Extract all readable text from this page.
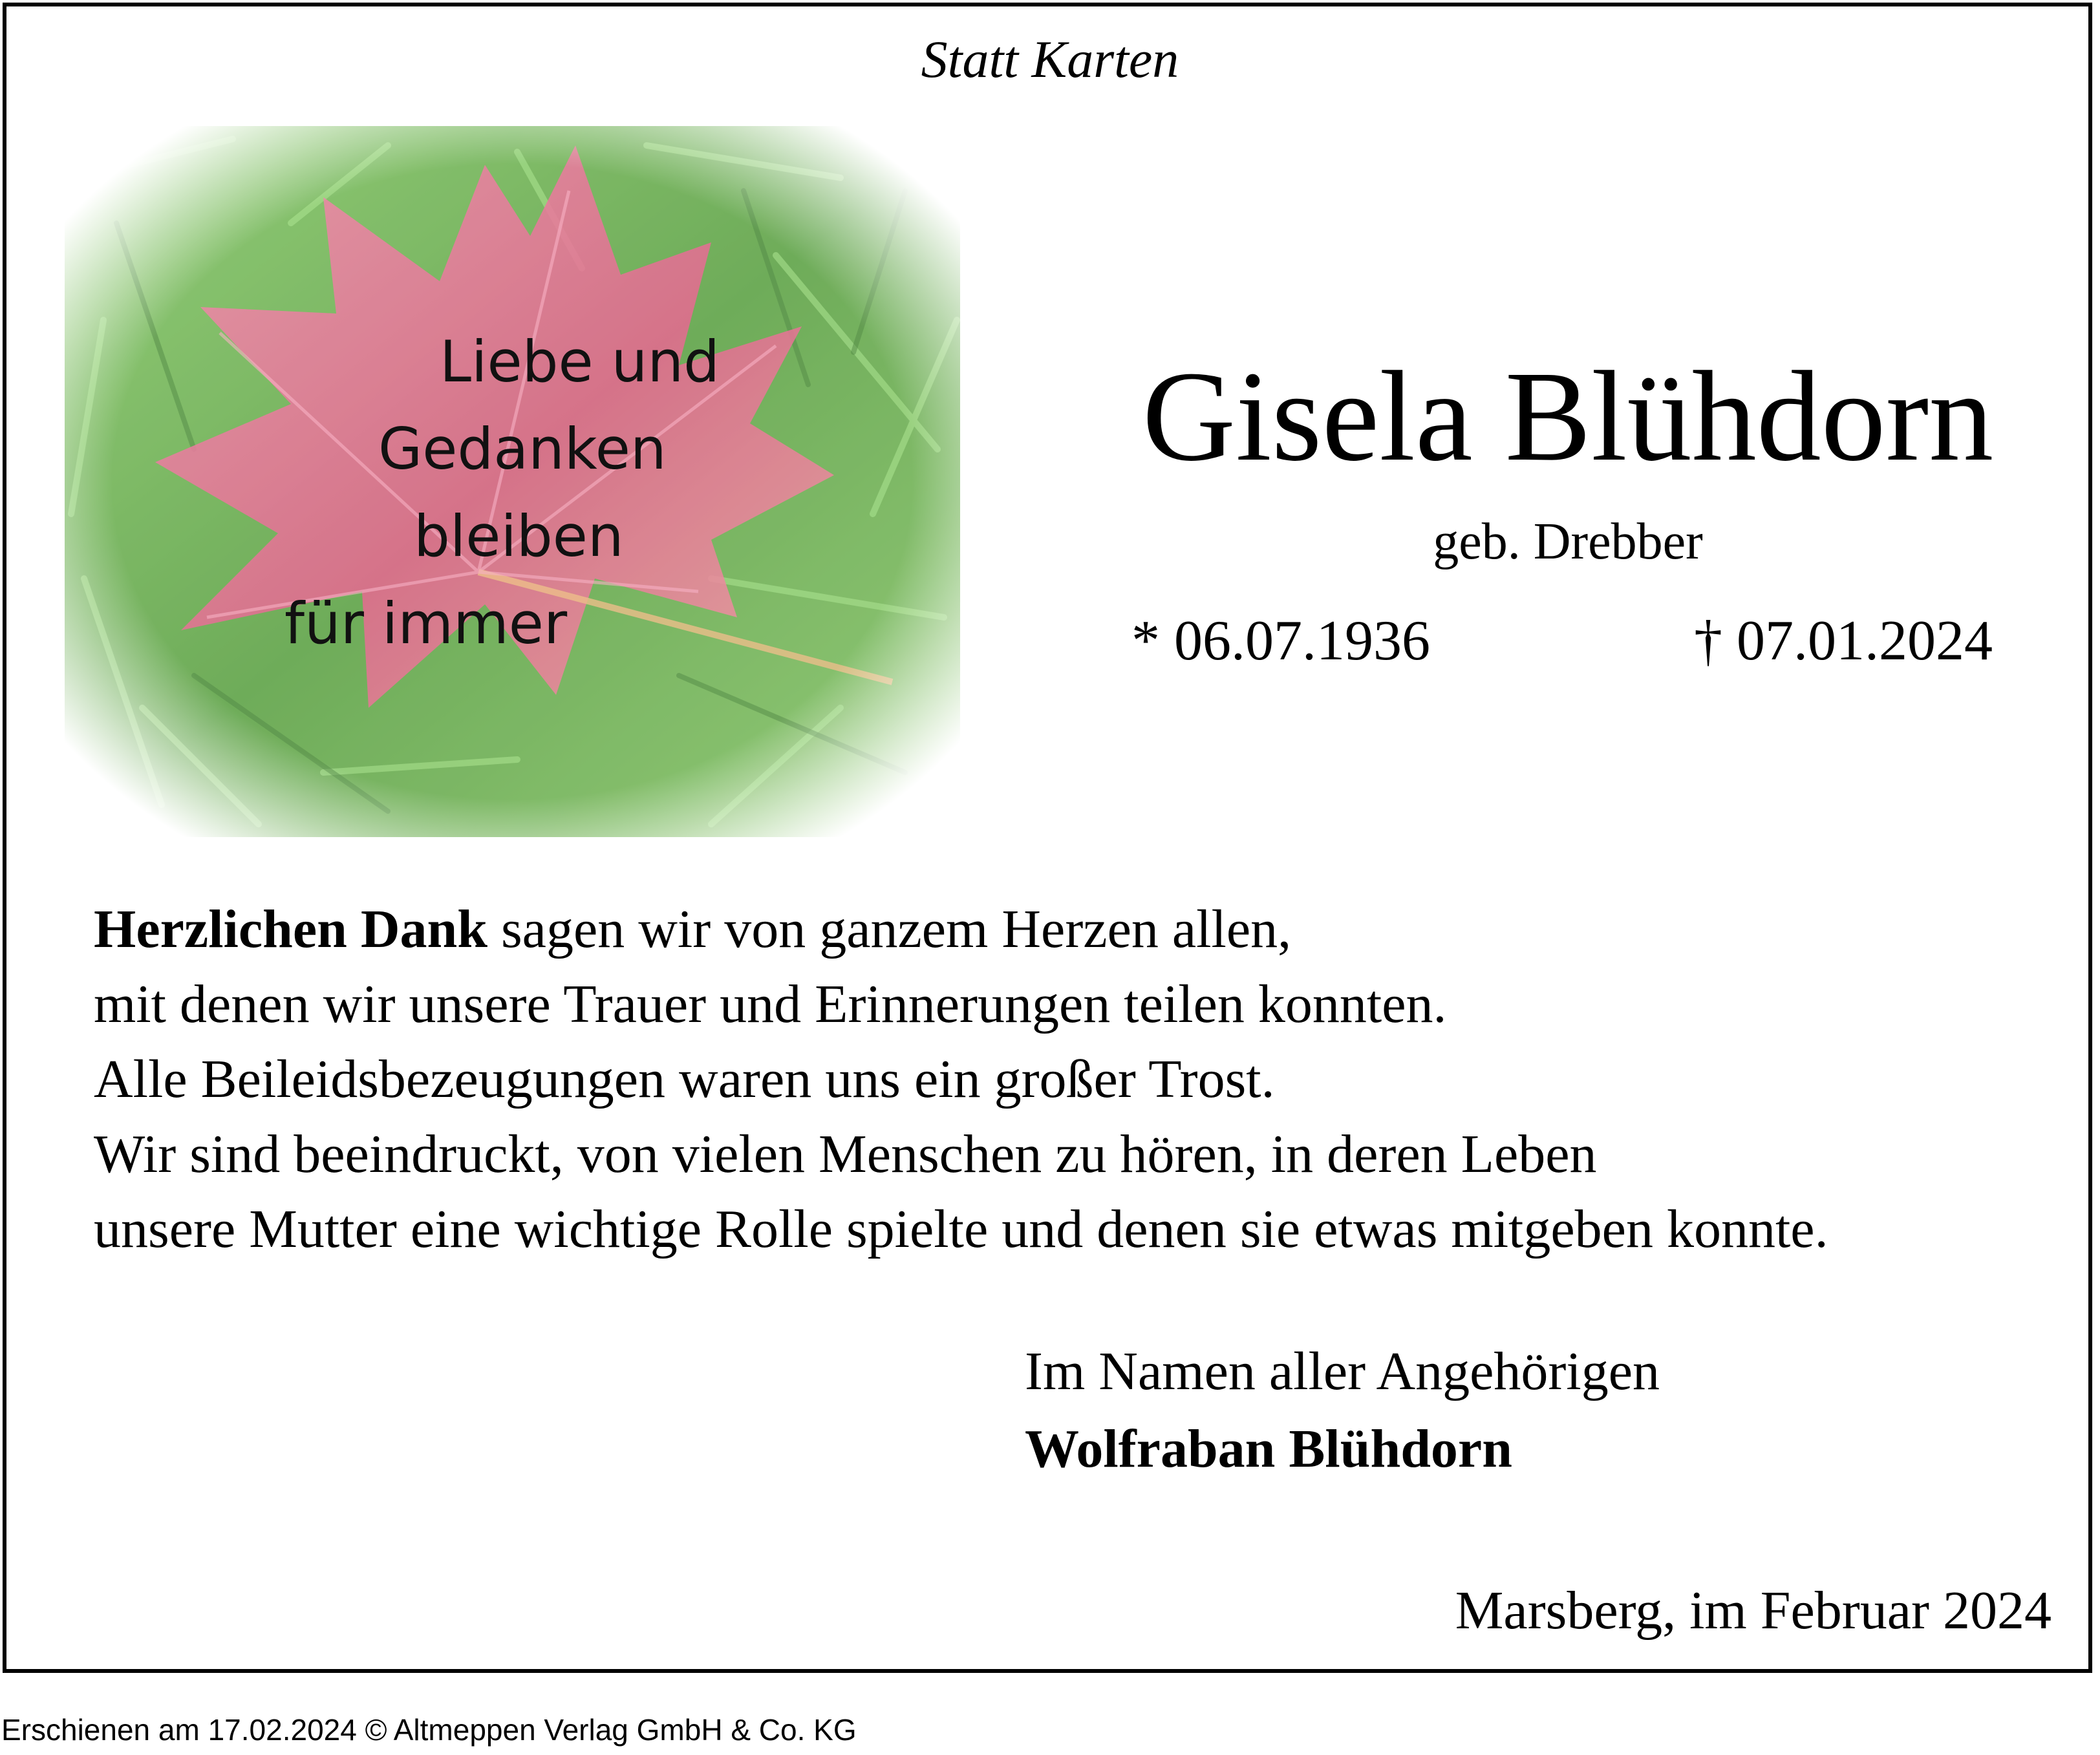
Statt Karten
Liebe und
Gedanken
bleiben
für immer
Gisela Blühdorn
geb. Drebber
* 06.07.1936	† 07.01.2024
Herzlichen Dank sagen wir von ganzem Herzen allen,
mit denen wir unsere Trauer und Erinnerungen teilen konnten.
Alle Beileidsbezeugungen waren uns ein großer Trost.
Wir sind beeindruckt, von vielen Menschen zu hören, in deren Leben
unsere Mutter eine wichtige Rolle spielte und denen sie etwas mitgeben konnte.
Im Namen aller Angehörigen
Wolfraban Blühdorn
Marsberg, im Februar 2024
Erschienen am 17.02.2024 © Altmeppen Verlag GmbH & Co. KG
